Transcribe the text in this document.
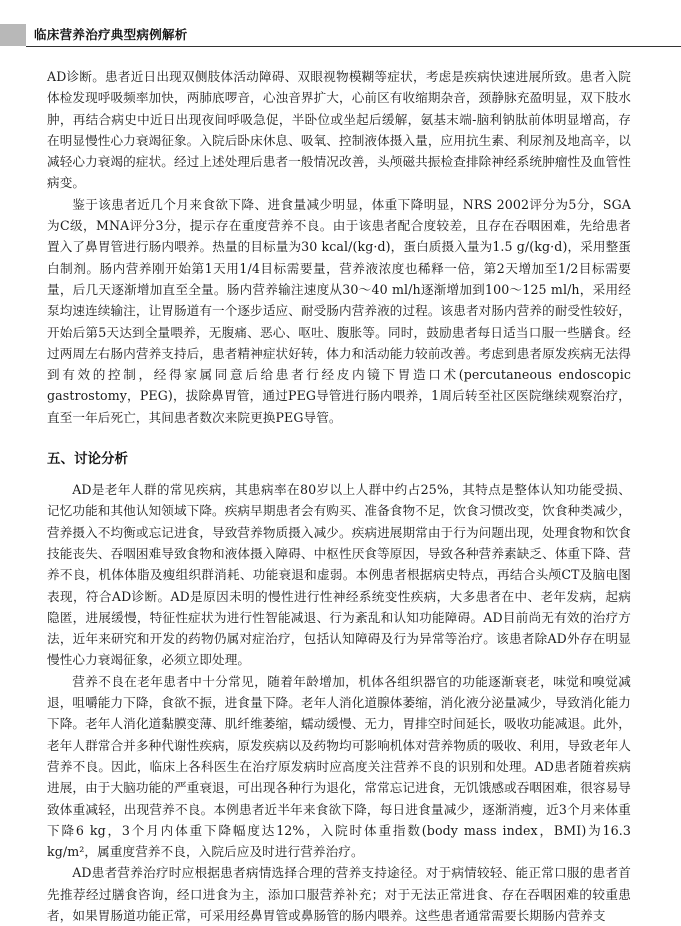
临床营养治疗典型病例解析

AD诊断。患者近日出现双侧肢体活动障碍、双眼视物模糊等症状，考虑是疾病快速进展所致。患者入院体检发现呼吸频率加快，两肺底啰音，心浊音界扩大，心前区有收缩期杂音，颈静脉充盈明显，双下肢水肿，再结合病史中近日出现夜间呼吸急促，半卧位或坐起后缓解，氨基末端-脑利钠肽前体明显增高，存在明显慢性心力衰竭征象。入院后卧床休息、吸氧、控制液体摄入量，应用抗生素、利尿剂及地高辛，以减轻心力衰竭的症状。经过上述处理后患者一般情况改善，头颅磁共振检查排除神经系统肿瘤性及血管性病变。

鉴于该患者近几个月来食欲下降、进食量减少明显，体重下降明显，NRS 2002评分为5分，SGA为C级，MNA评分3分，提示存在重度营养不良。由于该患者配合度较差，且存在吞咽困难，先给患者置入了鼻胃管进行肠内喂养。热量的目标量为30 kcal/(kg·d)，蛋白质摄入量为1.5 g/(kg·d)，采用整蛋白制剂。肠内营养刚开始第1天用1/4目标需要量，营养液浓度也稀释一倍，第2天增加至1/2目标需要量，后几天逐渐增加直至全量。肠内营养输注速度从30～40 ml/h逐渐增加到100～125 ml/h，采用经泵均速连续输注，让胃肠道有一个逐步适应、耐受肠内营养液的过程。该患者对肠内营养的耐受性较好，开始后第5天达到全量喂养，无腹痛、恶心、呕吐、腹胀等。同时，鼓励患者每日适当口服一些膳食。经过两周左右肠内营养支持后，患者精神症状好转，体力和活动能力较前改善。考虑到患者原发疾病无法得到有效的控制，经得家属同意后给患者行经皮内镜下胃造口术(percutaneous endoscopic gastrostomy，PEG)，拔除鼻胃管，通过PEG导管进行肠内喂养，1周后转至社区医院继续观察治疗，直至一年后死亡，其间患者数次来院更换PEG导管。

五、讨论分析

AD是老年人群的常见疾病，其患病率在80岁以上人群中约占25%，其特点是整体认知功能受损、记忆功能和其他认知领域下降。疾病早期患者会有购买、准备食物不足，饮食习惯改变，饮食种类减少，营养摄入不均衡或忘记进食，导致营养物质摄入减少。疾病进展期常由于行为问题出现，处理食物和饮食技能丧失、吞咽困难导致食物和液体摄入障碍、中枢性厌食等原因，导致各种营养素缺乏、体重下降、营养不良，机体体脂及瘦组织群消耗、功能衰退和虚弱。本例患者根据病史特点，再结合头颅CT及脑电图表现，符合AD诊断。AD是原因未明的慢性进行性神经系统变性疾病，大多患者在中、老年发病，起病隐匿，进展缓慢，特征性症状为进行性智能减退、行为紊乱和认知功能障碍。AD目前尚无有效的治疗方法，近年来研究和开发的药物仍属对症治疗，包括认知障碍及行为异常等治疗。该患者除AD外存在明显慢性心力衰竭征象，必须立即处理。

营养不良在老年患者中十分常见，随着年龄增加，机体各组织器官的功能逐渐衰老，味觉和嗅觉减退，咀嚼能力下降，食欲不振，进食量下降。老年人消化道腺体萎缩，消化液分泌量减少，导致消化能力下降。老年人消化道黏膜变薄、肌纤维萎缩，蠕动缓慢、无力，胃排空时间延长，吸收功能减退。此外，老年人群常合并多种代谢性疾病，原发疾病以及药物均可影响机体对营养物质的吸收、利用，导致老年人营养不良。因此，临床上各科医生在治疗原发病时应高度关注营养不良的识别和处理。AD患者随着疾病进展，由于大脑功能的严重衰退，可出现各种行为退化，常常忘记进食，无饥饿感或吞咽困难，很容易导致体重减轻，出现营养不良。本例患者近半年来食欲下降，每日进食量减少，逐渐消瘦，近3个月来体重下降6 kg，3个月内体重下降幅度达12%，入院时体重指数(body mass index，BMI)为16.3 kg/m²，属重度营养不良，入院后应及时进行营养治疗。

AD患者营养治疗时应根据患者病情选择合理的营养支持途径。对于病情较轻、能正常口服的患者首先推荐经过膳食咨询，经口进食为主，添加口服营养补充；对于无法正常进食、存在吞咽困难的较重患者，如果胃肠道功能正常，可采用经鼻胃管或鼻肠管的肠内喂养。这些患者通常需要长期肠内营养支
